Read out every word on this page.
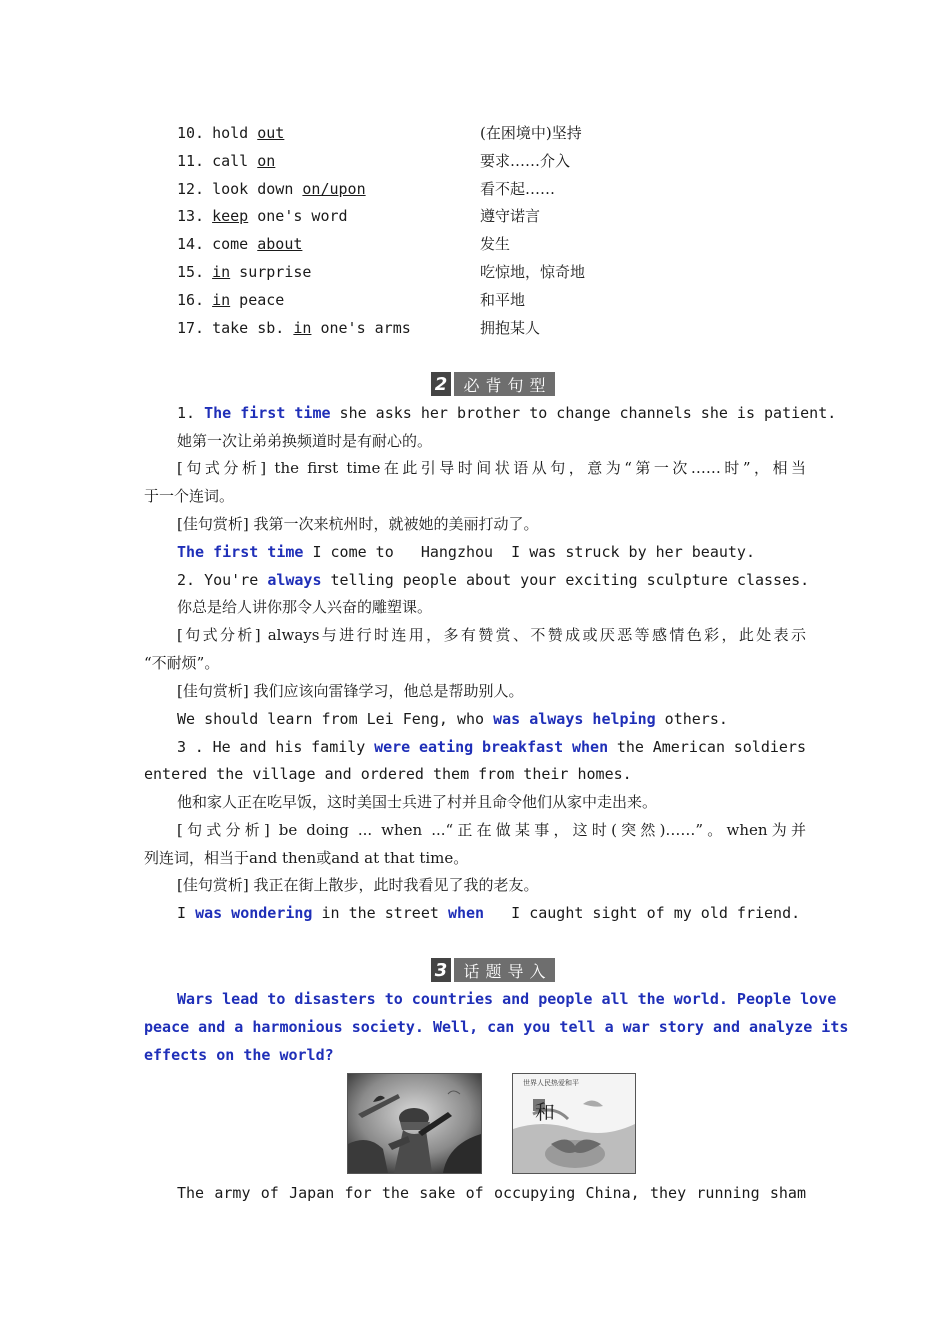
10. hold out	(在困境中)坚持
11. call on	要求……介入
12. look down on/upon	看不起……
13. keep one's word	遵守诺言
14. come about	发生
15. in surprise	吃惊地，惊奇地
16. in peace	和平地
17. take sb. in one's arms	拥抱某人
2	必背句型
1. The first time she asks her brother to change channels she is patient.
她第一次让弟弟换频道时是有耐心的。
[句式分析] the first time在此引导时间状语从句，意为“第一次……时”，相当
于一个连词。
[佳句赏析] 我第一次来杭州时，就被她的美丽打动了。
The first time I come to   Hangzhou  I was struck by her beauty.
2. You're always telling people about your exciting sculpture classes.
你总是给人讲你那令人兴奋的雕塑课。
[句式分析] always与进行时连用，多有赞赏、不赞成或厌恶等感情色彩，此处表示
“不耐烦”。
[佳句赏析] 我们应该向雷锋学习，他总是帮助别人。
We should learn from Lei Feng, who was always helping others.
3 . He and his family were eating breakfast when the American soldiers
entered the village and ordered them from their homes.
他和家人正在吃早饭，这时美国士兵进了村并且命令他们从家中走出来。
[句式分析] be doing ... when ...“正在做某事，这时(突然)……”。when为并
列连词，相当于and then或and at that time。
[佳句赏析] 我正在街上散步，此时我看见了我的老友。
I was wondering in the street when   I caught sight of my old friend.
3	话题导入
Wars lead to disasters to countries and people all the world. People love
peace and a harmonious society. Well, can you tell a war story and analyze its
effects on the world?
世界人民热爱和平
和
The army of Japan for the sake of occupying China, they running sham
